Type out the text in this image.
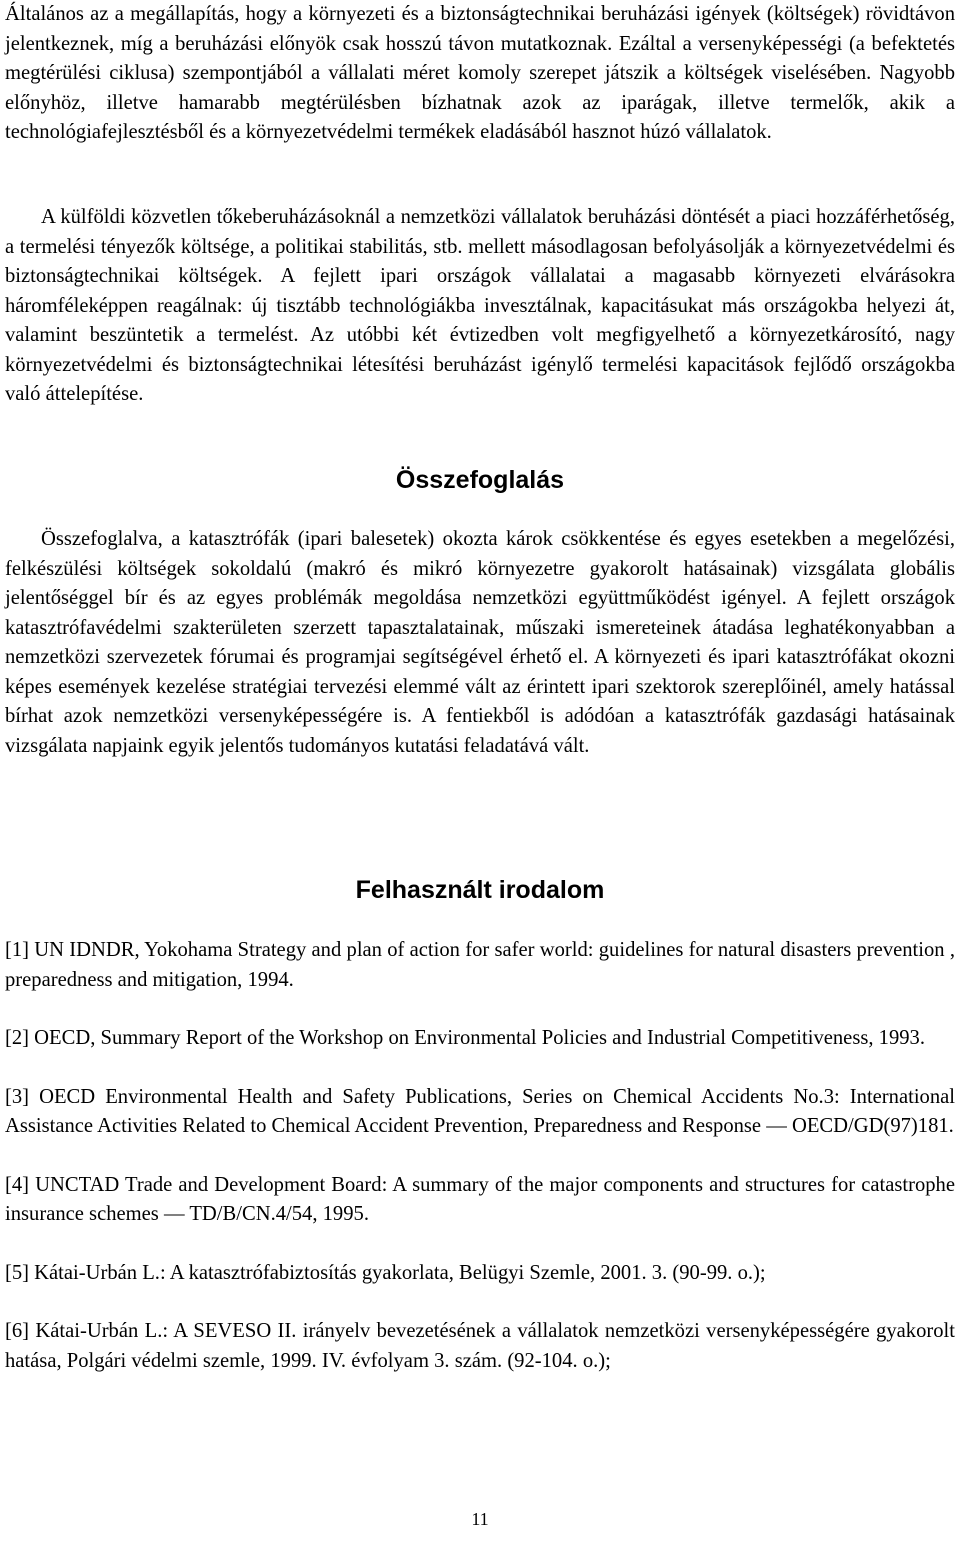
Általános az a megállapítás, hogy a környezeti és a biztonságtechnikai beruházási igények (költségek) rövidtávon jelentkeznek, míg a beruházási előnyök csak hosszú távon mutatkoznak. Ezáltal a versenyképességi (a befektetés megtérülési ciklusa) szempontjából a vállalati méret komoly szerepet játszik a költségek viselésében. Nagyobb előnyhöz, illetve hamarabb megtérülésben bízhatnak azok az iparágak, illetve termelők, akik a technológiafejlesztésből és a környezetvédelmi termékek eladásából hasznot húzó vállalatok.

A külföldi közvetlen tőkeberuházásoknál a nemzetközi vállalatok beruházási döntését a piaci hozzáférhetőség, a termelési tényezők költsége, a politikai stabilitás, stb. mellett másodlagosan befolyásolják a környezetvédelmi és biztonságtechnikai költségek. A fejlett ipari országok vállalatai a magasabb környezeti elvárásokra háromféleképpen reagálnak: új tisztább technológiákba invesztálnak, kapacitásukat más országokba helyezi át, valamint beszüntetik a termelést. Az utóbbi két évtizedben volt megfigyelhető a környezetkárosító, nagy környezetvédelmi és biztonságtechnikai létesítési beruházást igénylő termelési kapacitások fejlődő országokba való áttelepítése.

Összefoglalás

Összefoglalva, a katasztrófák (ipari balesetek) okozta károk csökkentése és egyes esetekben a megelőzési, felkészülési költségek sokoldalú (makró és mikró környezetre gyakorolt hatásainak) vizsgálata globális jelentőséggel bír és az egyes problémák megoldása nemzetközi együttműködést igényel. A fejlett országok katasztrófavédelmi szakterületen szerzett tapasztalatainak, műszaki ismereteinek átadása leghatékonyabban a nemzetközi szervezetek fórumai és programjai segítségével érhető el. A környezeti és ipari katasztrófákat okozni képes események kezelése stratégiai tervezési elemmé vált az érintett ipari szektorok szereplőinél, amely hatással bírhat azok nemzetközi versenyképességére is. A fentiekből is adódóan a katasztrófák gazdasági hatásainak vizsgálata napjaink egyik jelentős tudományos kutatási feladatává vált.

Felhasznált irodalom

[1] UN IDNDR, Yokohama Strategy and plan of action for safer world: guidelines for natural disasters prevention , preparedness and mitigation, 1994.

[2] OECD, Summary Report of the Workshop on Environmental Policies and Industrial Competitiveness, 1993.

[3] OECD Environmental Health and Safety Publications, Series on Chemical Accidents No.3: International Assistance Activities Related to Chemical Accident Prevention, Preparedness and Response — OECD/GD(97)181.

[4] UNCTAD Trade and Development Board: A summary of the major components and structures for catastrophe insurance schemes — TD/B/CN.4/54, 1995.

[5] Kátai-Urbán L.: A katasztrófabiztosítás gyakorlata, Belügyi Szemle, 2001. 3. (90-99. o.);

[6] Kátai-Urbán L.: A SEVESO II. irányelv bevezetésének a vállalatok nemzetközi versenyképességére gyakorolt hatása, Polgári védelmi szemle, 1999. IV. évfolyam 3. szám. (92-104. o.);

11
